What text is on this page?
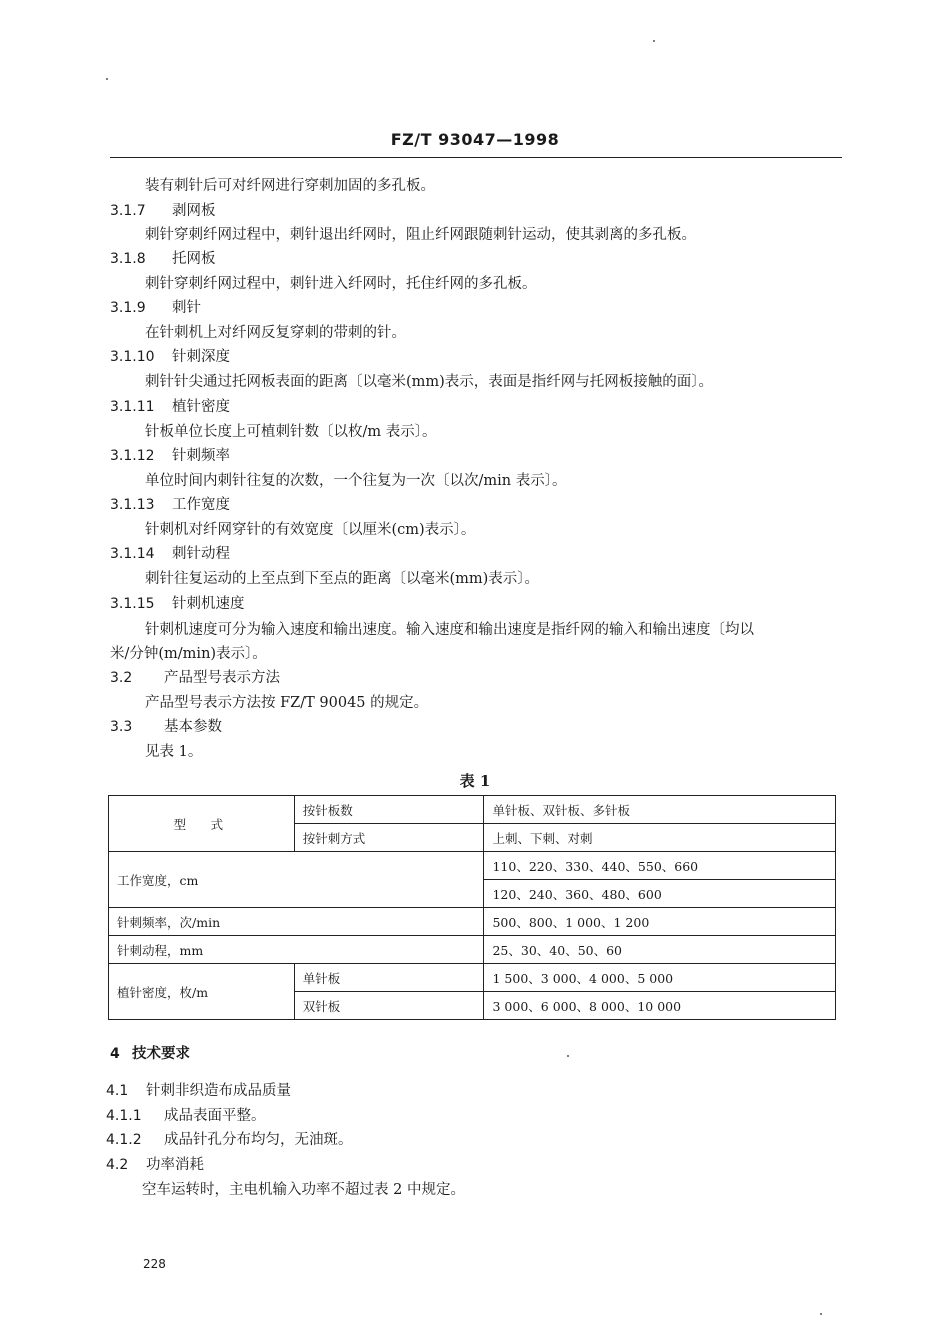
FZ/T 93047—1998
装有刺针后可对纤网进行穿刺加固的多孔板。
3.1.7 剥网板
刺针穿刺纤网过程中，刺针退出纤网时，阻止纤网跟随刺针运动，使其剥离的多孔板。
3.1.8 托网板
刺针穿刺纤网过程中，刺针进入纤网时，托住纤网的多孔板。
3.1.9 刺针
在针刺机上对纤网反复穿刺的带刺的针。
3.1.10 针刺深度
刺针针尖通过托网板表面的距离〔以毫米(mm)表示，表面是指纤网与托网板接触的面〕。
3.1.11 植针密度
针板单位长度上可植刺针数〔以枚/m 表示〕。
3.1.12 针刺频率
单位时间内刺针往复的次数，一个往复为一次〔以次/min 表示〕。
3.1.13 工作宽度
针刺机对纤网穿针的有效宽度〔以厘米(cm)表示〕。
3.1.14 刺针动程
刺针往复运动的上至点到下至点的距离〔以毫米(mm)表示〕。
3.1.15 针刺机速度
针刺机速度可分为输入速度和输出速度。输入速度和输出速度是指纤网的输入和输出速度〔均以
米/分钟(m/min)表示〕。
3.2 产品型号表示方法
产品型号表示方法按 FZ/T 90045 的规定。
3.3 基本参数
见表 1。
表 1
型　式	按针板数	单针板、双针板、多针板
	按针刺方式	上刺、下刺、对刺
工作宽度，cm		110、220、330、440、550、660
		120、240、360、480、600
针刺频率，次/min		500、800、1 000、1 200
针刺动程，mm		25、30、40、50、60
植针密度，枚/m	单针板	1 500、3 000、4 000、5 000
	双针板	3 000、6 000、8 000、10 000
4 技术要求
4.1 针刺非织造布成品质量
4.1.1 成品表面平整。
4.1.2 成品针孔分布均匀，无油斑。
4.2 功率消耗
空车运转时，主电机输入功率不超过表 2 中规定。
228
